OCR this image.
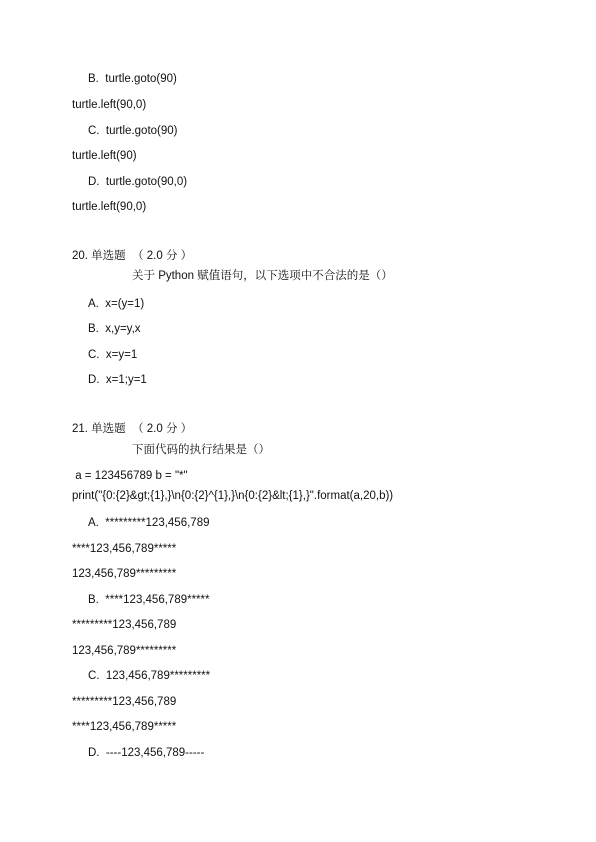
B.  turtle.goto(90)
turtle.left(90,0)
C.  turtle.goto(90)
turtle.left(90)
D.  turtle.goto(90,0)
turtle.left(90,0)
20. 单选题  （ 2.0 分 ）
关于 Python 赋值语句，以下选项中不合法的是（）
A.  x=(y=1)
B.  x,y=y,x
C.  x=y=1
D.  x=1;y=1
21. 单选题  （ 2.0 分 ）
下面代码的执行结果是（）
a = 123456789 b = "*"
print("{0:{2}&gt;{1},}\n{0:{2}^{1},}\n{0:{2}&lt;{1},}".format(a,20,b))
A.  *********123,456,789
****123,456,789*****
123,456,789*********
B.  ****123,456,789*****
*********123,456,789
123,456,789*********
C.  123,456,789*********
*********123,456,789
****123,456,789*****
D.  ----123,456,789-----
